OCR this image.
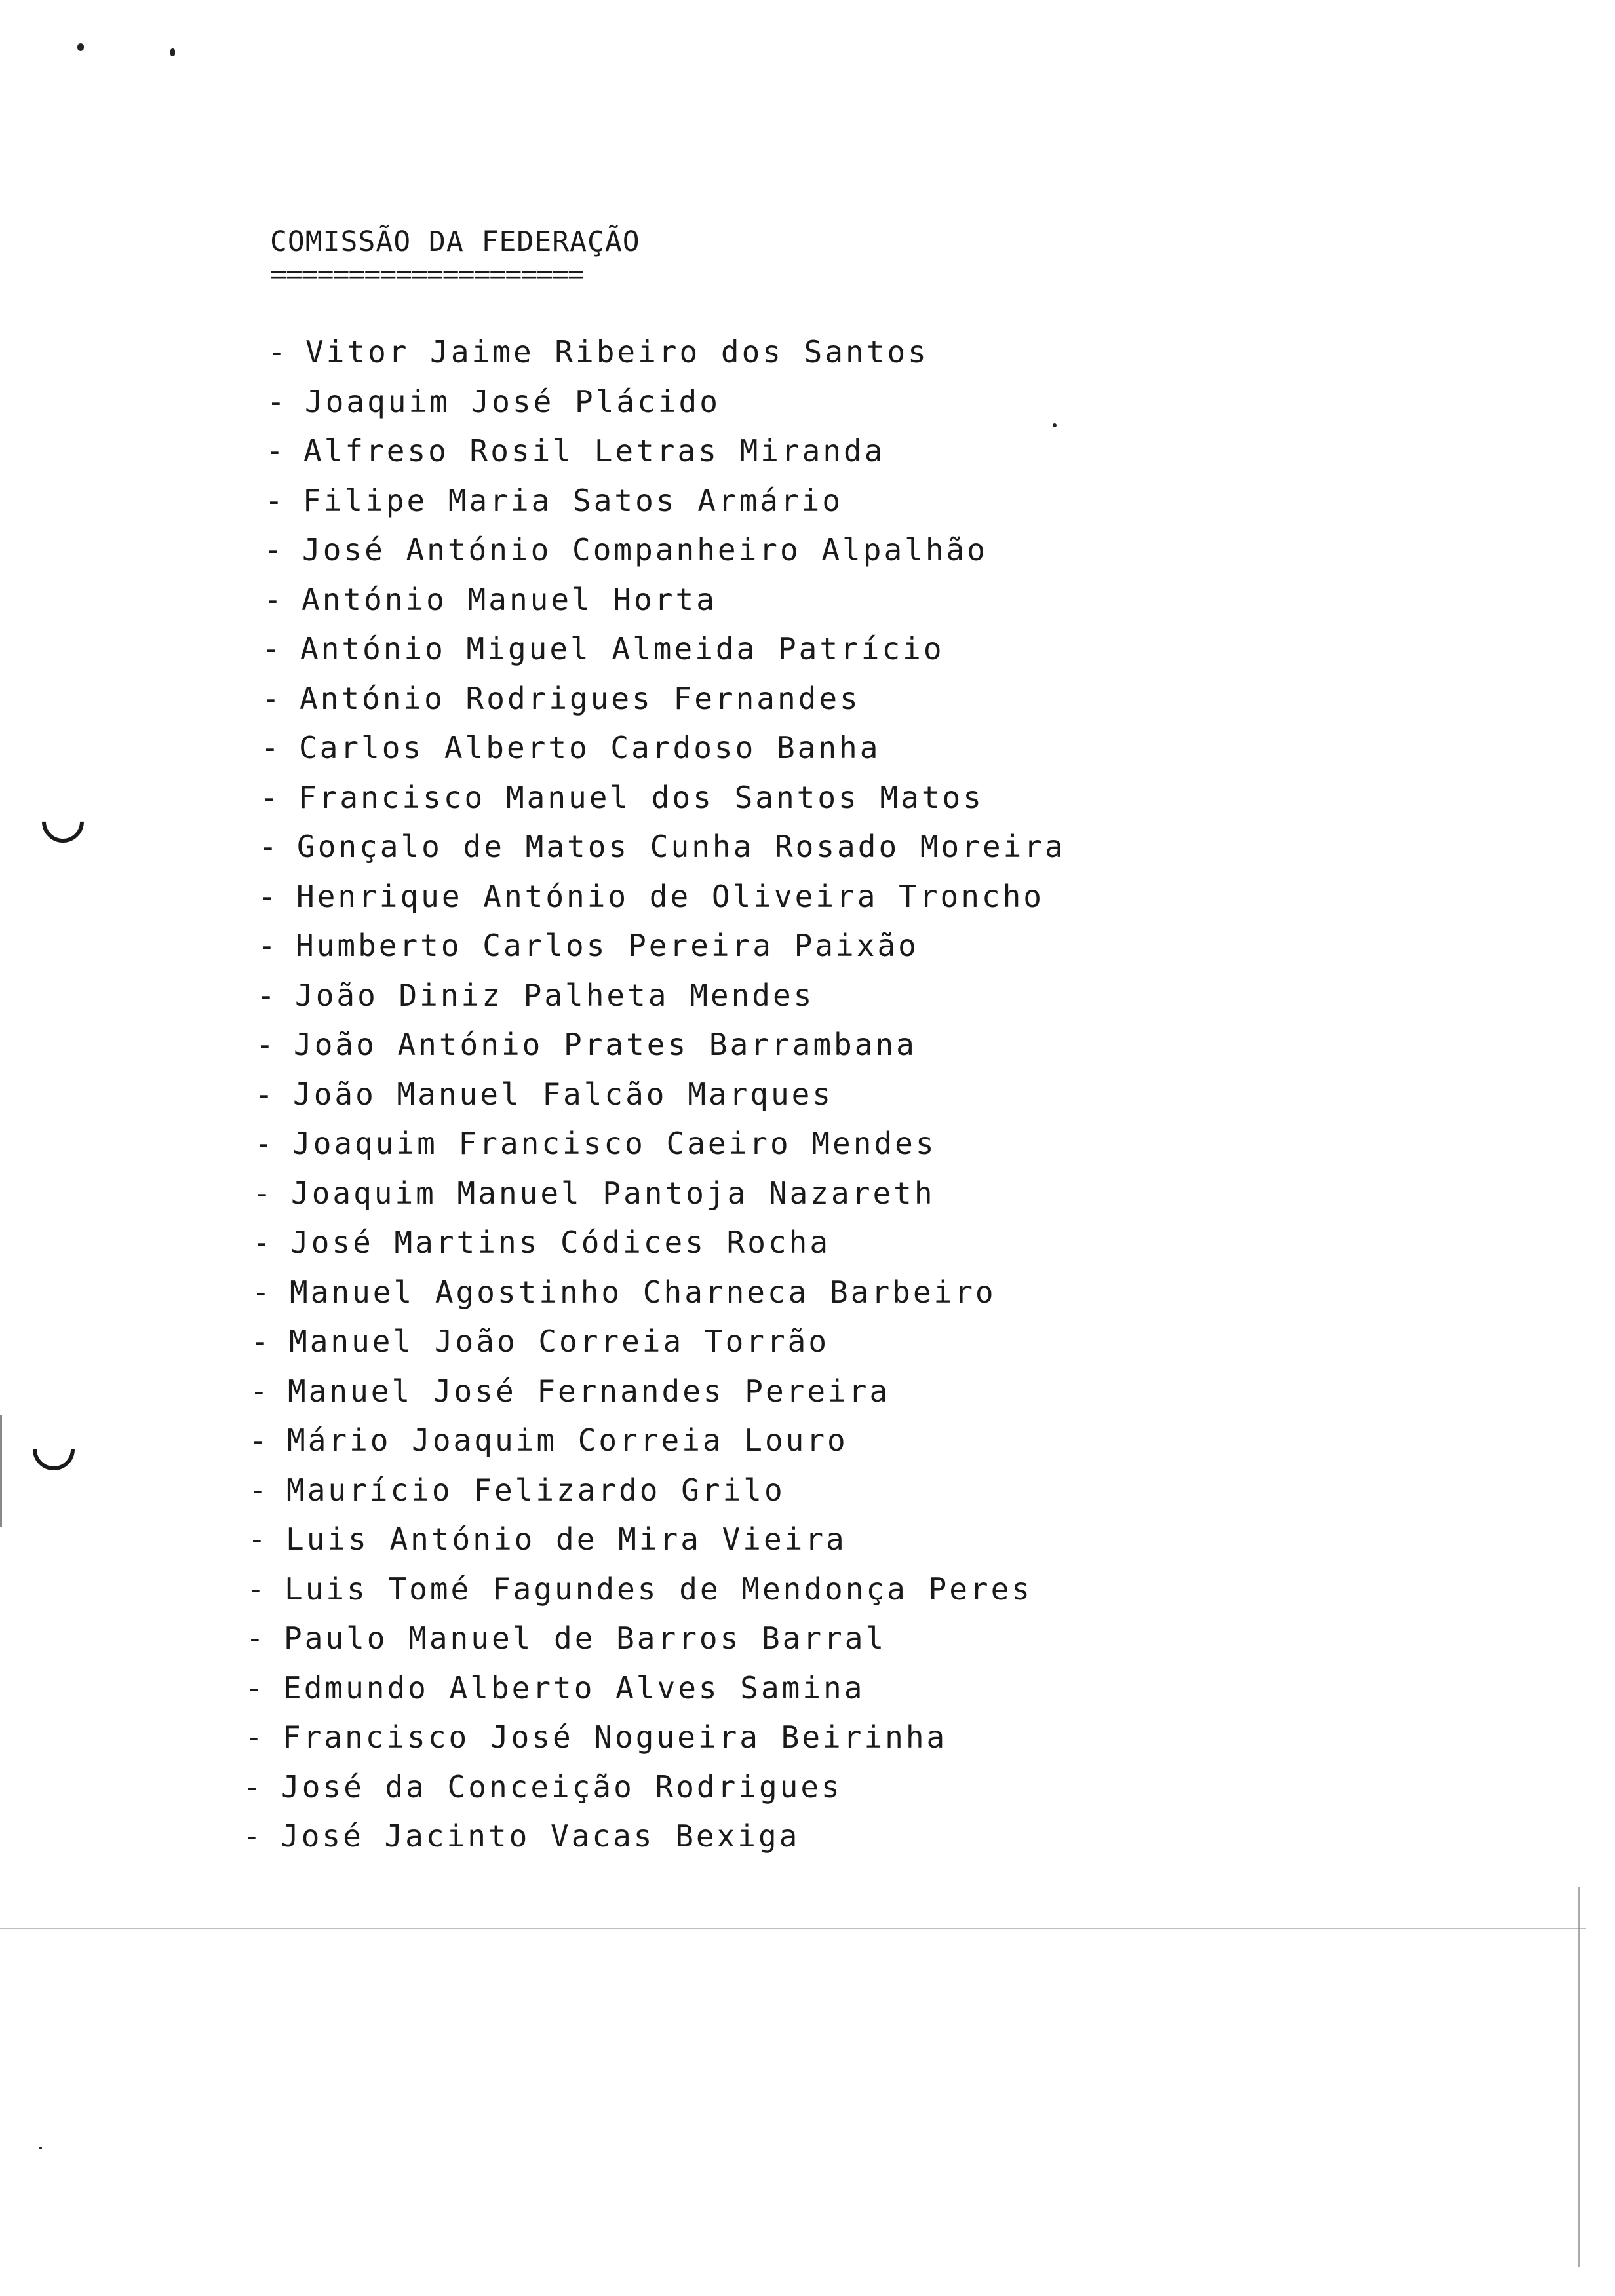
COMISSÃO DA FEDERAÇÃO
====================
- Vitor Jaime Ribeiro dos Santos
- Joaquim José Plácido
- Alfreso Rosil Letras Miranda
- Filipe Maria Satos Armário
- José António Companheiro Alpalhão
- António Manuel Horta
- António Miguel Almeida Patrício
- António Rodrigues Fernandes
- Carlos Alberto Cardoso Banha
- Francisco Manuel dos Santos Matos
- Gonçalo de Matos Cunha Rosado Moreira
- Henrique António de Oliveira Troncho
- Humberto Carlos Pereira Paixão
- João Diniz Palheta Mendes
- João António Prates Barrambana
- João Manuel Falcão Marques
- Joaquim Francisco Caeiro Mendes
- Joaquim Manuel Pantoja Nazareth
- José Martins Códices Rocha
- Manuel Agostinho Charneca Barbeiro
- Manuel João Correia Torrão
- Manuel José Fernandes Pereira
- Mário Joaquim Correia Louro
- Maurício Felizardo Grilo
- Luis António de Mira Vieira
- Luis Tomé Fagundes de Mendonça Peres
- Paulo Manuel de Barros Barral
- Edmundo Alberto Alves Samina
- Francisco José Nogueira Beirinha
- José da Conceição Rodrigues
- José Jacinto Vacas Bexiga
